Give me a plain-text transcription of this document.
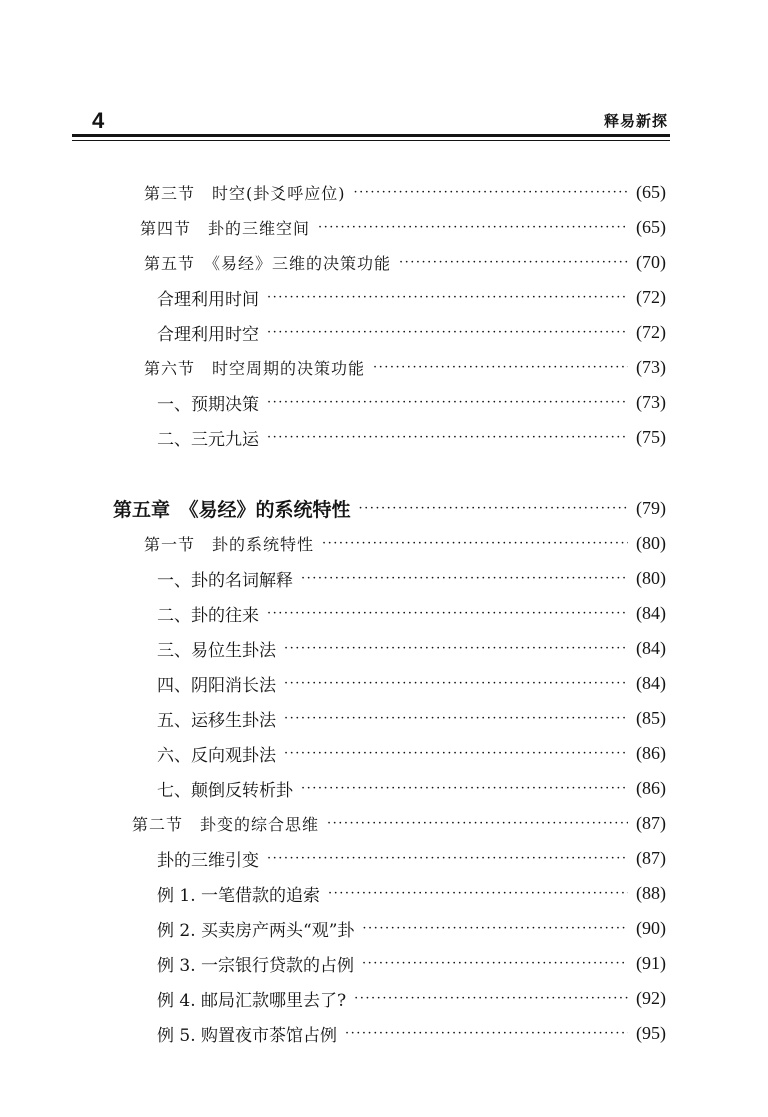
4	释易新探
第三节　时空(卦爻呼应位) ·····	(65)
第四节　卦的三维空间 ·····	(65)
第五节　《易经》三维的决策功能 ·····	(70)
合理利用时间 ·····	(72)
合理利用时空 ·····	(72)
第六节　时空周期的决策功能 ·····	(73)
一、预期决策 ·····	(73)
二、三元九运 ·····	(75)
第五章　《易经》的系统特性 ·····	(79)
第一节　卦的系统特性 ·····	(80)
一、卦的名词解释 ·····	(80)
二、卦的往来 ·····	(84)
三、易位生卦法 ·····	(84)
四、阴阳消长法 ·····	(84)
五、运移生卦法 ·····	(85)
六、反向观卦法 ·····	(86)
七、颠倒反转析卦 ·····	(86)
第二节　卦变的综合思维 ·····	(87)
卦的三维引变 ·····	(87)
例 1. 一笔借款的追索 ·····	(88)
例 2. 买卖房产两头“观”卦 ·····	(90)
例 3. 一宗银行贷款的占例 ·····	(91)
例 4. 邮局汇款哪里去了? ·····	(92)
例 5. 购置夜市茶馆占例 ·····	(95)
